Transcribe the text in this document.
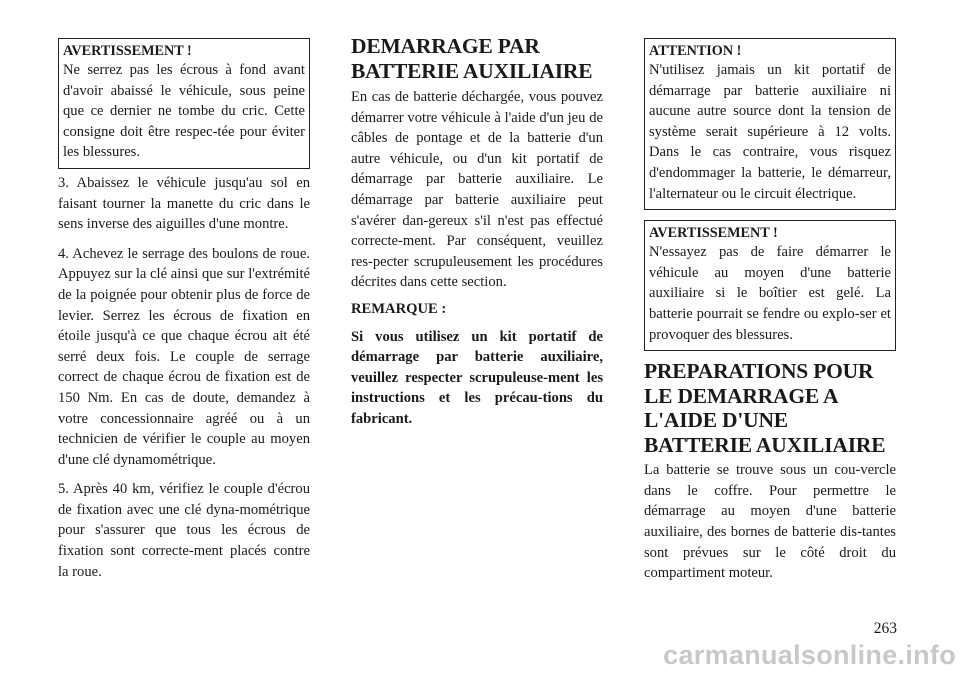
AVERTISSEMENT !
Ne serrez pas les écrous à fond avant d'avoir abaissé le véhicule, sous peine que ce dernier ne tombe du cric. Cette consigne doit être respec-tée pour éviter les blessures.

3. Abaissez le véhicule jusqu'au sol en faisant tourner la manette du cric dans le sens inverse des aiguilles d'une montre.

4. Achevez le serrage des boulons de roue. Appuyez sur la clé ainsi que sur l'extrémité de la poignée pour obtenir plus de force de levier. Serrez les écrous de fixation en étoile jusqu'à ce que chaque écrou ait été serré deux fois. Le couple de serrage correct de chaque écrou de fixation est de 150 Nm. En cas de doute, demandez à votre concessionnaire agréé ou à un technicien de vérifier le couple au moyen d'une clé dynamométrique.

5. Après 40 km, vérifiez le couple d'écrou de fixation avec une clé dyna-mométrique pour s'assurer que tous les écrous de fixation sont correcte-ment placés contre la roue.

DEMARRAGE PAR BATTERIE AUXILIAIRE

En cas de batterie déchargée, vous pouvez démarrer votre véhicule à l'aide d'un jeu de câbles de pontage et de la batterie d'un autre véhicule, ou d'un kit portatif de démarrage par batterie auxiliaire. Le démarrage par batterie auxiliaire peut s'avérer dan-gereux s'il n'est pas effectué correcte-ment. Par conséquent, veuillez res-pecter scrupuleusement les procédures décrites dans cette section.

REMARQUE :

Si vous utilisez un kit portatif de démarrage par batterie auxiliaire, veuillez respecter scrupuleuse-ment les instructions et les précau-tions du fabricant.

ATTENTION !
N'utilisez jamais un kit portatif de démarrage par batterie auxiliaire ni aucune autre source dont la tension de système serait supérieure à 12 volts. Dans le cas contraire, vous risquez d'endommager la batterie, le démarreur, l'alternateur ou le circuit électrique.
AVERTISSEMENT !
N'essayez pas de faire démarrer le véhicule au moyen d'une batterie auxiliaire si le boîtier est gelé. La batterie pourrait se fendre ou explo-ser et provoquer des blessures.
PREPARATIONS POUR LE DEMARRAGE A L'AIDE D'UNE BATTERIE AUXILIAIRE

La batterie se trouve sous un cou-vercle dans le coffre. Pour permettre le démarrage au moyen d'une batterie auxiliaire, des bornes de batterie dis-tantes sont prévues sur le côté droit du compartiment moteur.

263
carmanualsonline.info
